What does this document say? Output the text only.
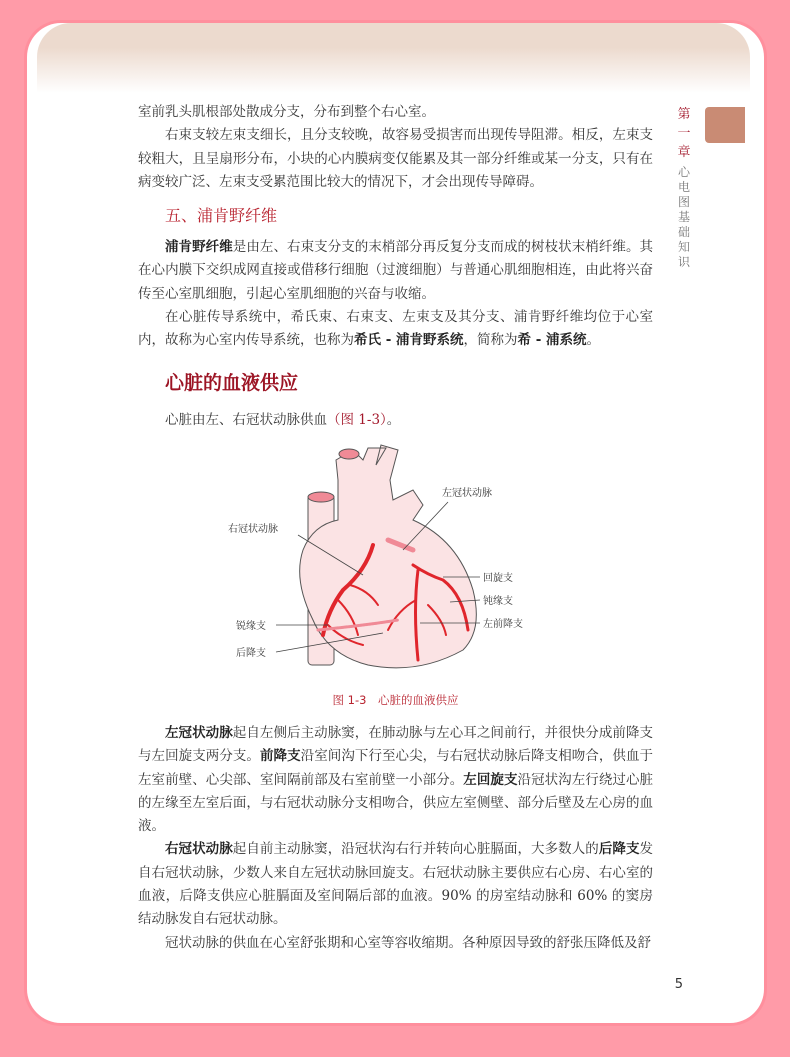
第
一
章
心
电
图
基
础
知
识

室前乳头肌根部处散成分支，分布到整个右心室。

右束支较左束支细长，且分支较晚，故容易受损害而出现传导阻滞。相反，左束支较粗大，且呈扇形分布，小块的心内膜病变仅能累及其一部分纤维或某一分支，只有在病变较广泛、左束支受累范围比较大的情况下，才会出现传导障碍。

五、浦肯野纤维

浦肯野纤维是由左、右束支分支的末梢部分再反复分支而成的树枝状末梢纤维。其在心内膜下交织成网直接或借移行细胞（过渡细胞）与普通心肌细胞相连，由此将兴奋传至心室肌细胞，引起心室肌细胞的兴奋与收缩。

在心脏传导系统中，希氏束、右束支、左束支及其分支、浦肯野纤维均位于心室内，故称为心室内传导系统，也称为希氏 - 浦肯野系统，简称为希 - 浦系统。

心脏的血液供应

心脏由左、右冠状动脉供血（图 1-3）。

左冠状动脉
右冠状动脉
回旋支
钝缘支
左前降支
锐缘支
后降支
图 1-3　心脏的血液供应

左冠状动脉起自左侧后主动脉窦，在肺动脉与左心耳之间前行，并很快分成前降支与左回旋支两分支。前降支沿室间沟下行至心尖，与右冠状动脉后降支相吻合，供血于左室前壁、心尖部、室间隔前部及右室前壁一小部分。左回旋支沿冠状沟左行绕过心脏的左缘至左室后面，与右冠状动脉分支相吻合，供应左室侧壁、部分后壁及左心房的血液。

右冠状动脉起自前主动脉窦，沿冠状沟右行并转向心脏膈面，大多数人的后降支发自右冠状动脉，少数人来自左冠状动脉回旋支。右冠状动脉主要供应右心房、右心室的血液，后降支供应心脏膈面及室间隔后部的血液。90% 的房室结动脉和 60% 的窦房结动脉发自右冠状动脉。

冠状动脉的供血在心室舒张期和心室等容收缩期。各种原因导致的舒张压降低及舒

5
